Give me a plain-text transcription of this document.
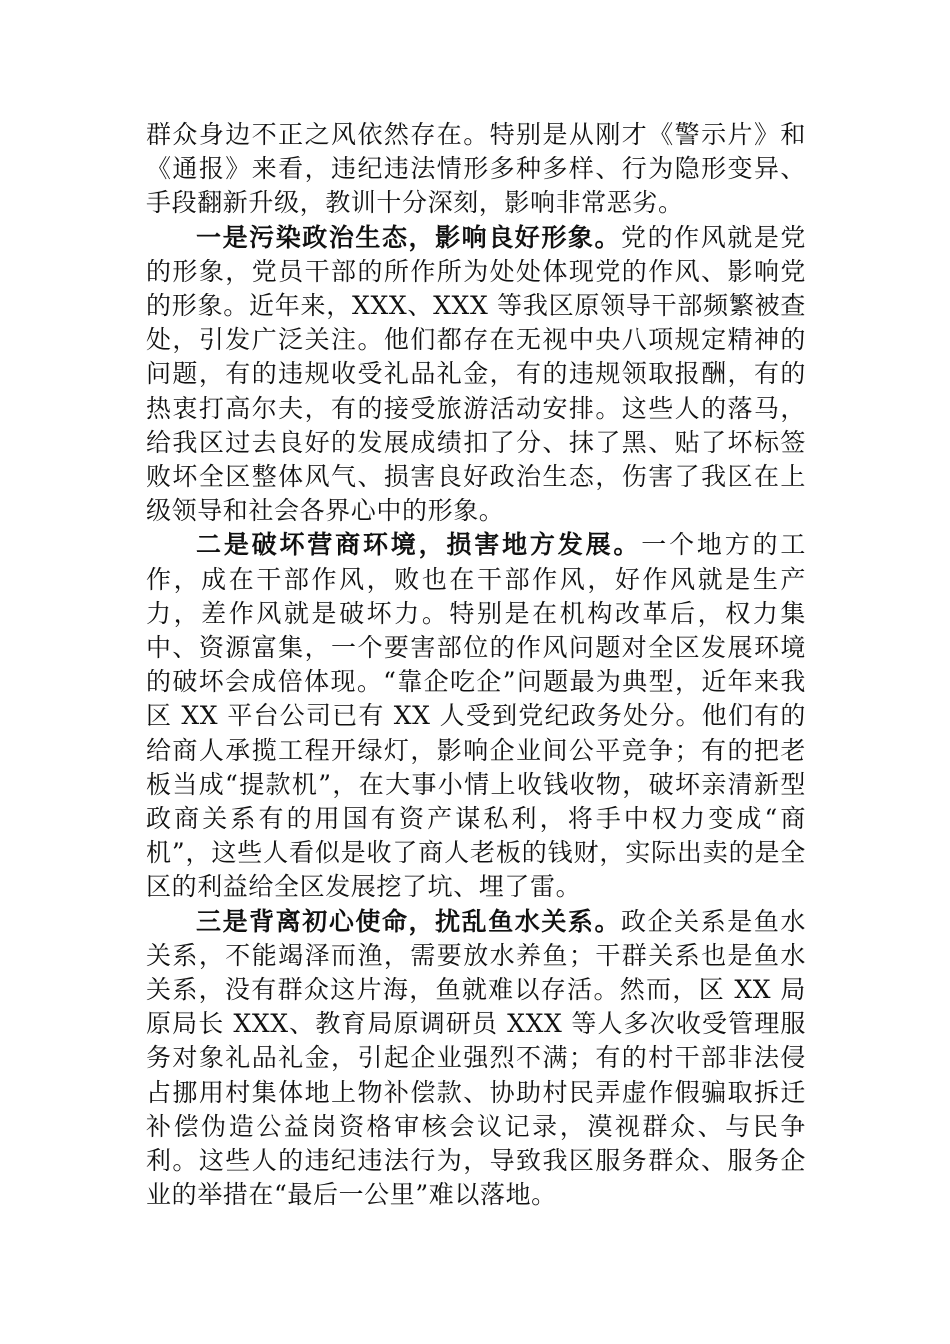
群众身边不正之风依然存在。特别是从刚才《警示片》和《通报》来看，违纪违法情形多种多样、行为隐形变异、手段翻新升级，教训十分深刻，影响非常恶劣。

一是污染政治生态，影响良好形象。党的作风就是党的形象，党员干部的所作所为处处体现党的作风、影响党的形象。近年来，XXX、XXX 等我区原领导干部频繁被查处，引发广泛关注。他们都存在无视中央八项规定精神的问题，有的违规收受礼品礼金，有的违规领取报酬，有的热衷打高尔夫，有的接受旅游活动安排。这些人的落马，给我区过去良好的发展成绩扣了分、抹了黑、贴了坏标签败坏全区整体风气、损害良好政治生态，伤害了我区在上级领导和社会各界心中的形象。

二是破坏营商环境，损害地方发展。一个地方的工作，成在干部作风，败也在干部作风，好作风就是生产力，差作风就是破坏力。特别是在机构改革后，权力集中、资源富集，一个要害部位的作风问题对全区发展环境的破坏会成倍体现。“靠企吃企”问题最为典型，近年来我区 XX 平台公司已有 XX 人受到党纪政务处分。他们有的给商人承揽工程开绿灯，影响企业间公平竞争；有的把老板当成“提款机”，在大事小情上收钱收物，破坏亲清新型政商关系有的用国有资产谋私利，将手中权力变成“商机”，这些人看似是收了商人老板的钱财，实际出卖的是全区的利益给全区发展挖了坑、埋了雷。

三是背离初心使命，扰乱鱼水关系。政企关系是鱼水关系，不能竭泽而渔，需要放水养鱼；干群关系也是鱼水关系，没有群众这片海，鱼就难以存活。然而，区 XX 局原局长 XXX、教育局原调研员 XXX 等人多次收受管理服务对象礼品礼金，引起企业强烈不满；有的村干部非法侵占挪用村集体地上物补偿款、协助村民弄虚作假骗取拆迁补偿伪造公益岗资格审核会议记录，漠视群众、与民争利。这些人的违纪违法行为，导致我区服务群众、服务企业的举措在“最后一公里”难以落地。
